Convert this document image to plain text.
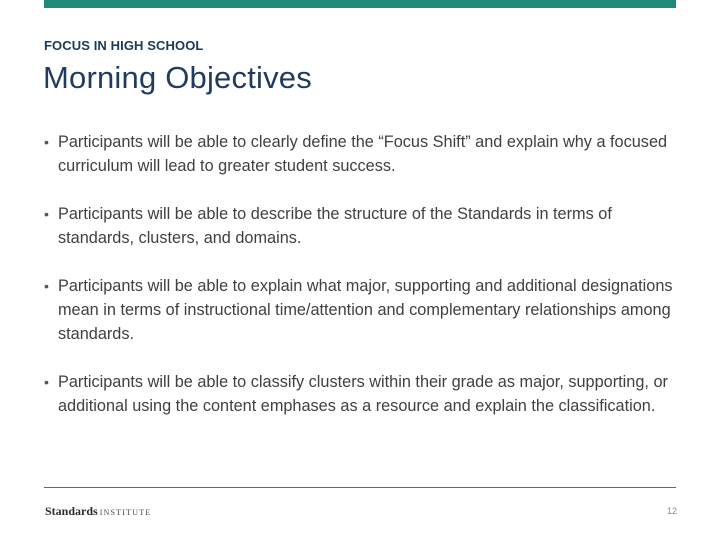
FOCUS IN HIGH SCHOOL
Morning Objectives
• Participants will be able to clearly define the “Focus Shift” and explain why a focused curriculum will lead to greater student success.
• Participants will be able to describe the structure of the Standards in terms of standards, clusters, and domains.
• Participants will be able to explain what major, supporting and additional designations mean in terms of instructional time/attention and complementary relationships among standards.
• Participants will be able to classify clusters within their grade as major, supporting, or additional using the content emphases as a resource and explain the classification.
Standards INSTITUTE	12
